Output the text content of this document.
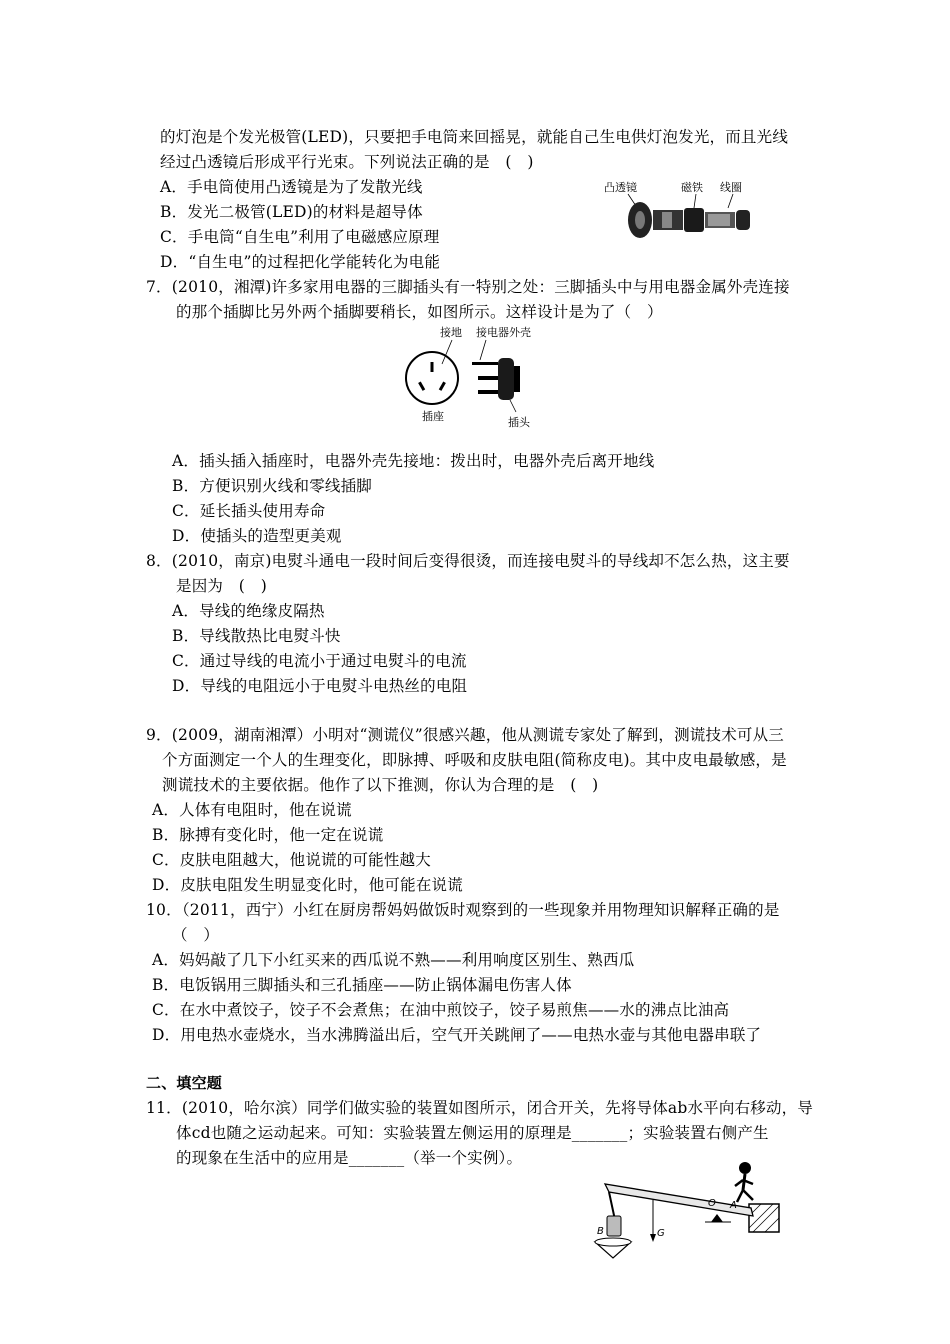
的灯泡是个发光极管(LED)，只要把手电筒来回摇晃，就能自己生电供灯泡发光，而且光线
经过凸透镜后形成平行光束。下列说法正确的是　(　)
A．手电筒使用凸透镜是为了发散光线
B．发光二极管(LED)的材料是超导体
C．手电筒“自生电”利用了电磁感应原理
D．“自生电”的过程把化学能转化为电能
凸透镜	磁铁 线圈
7．(2010，湘潭)许多家用电器的三脚插头有一特别之处：三脚插头中与用电器金属外壳连接
的那个插脚比另外两个插脚要稍长，如图所示。这样设计是为了（　）
接地 接电器外壳
插座	插头
A．插头插入插座时，电器外壳先接地：拨出时，电器外壳后离开地线
B．方便识别火线和零线插脚
C．延长插头使用寿命
D．使插头的造型更美观
8．(2010，南京)电熨斗通电一段时间后变得很烫，而连接电熨斗的导线却不怎么热，这主要
是因为　(　)
A．导线的绝缘皮隔热
B．导线散热比电熨斗快
C．通过导线的电流小于通过电熨斗的电流
D．导线的电阻远小于电熨斗电热丝的电阻
9．(2009，湖南湘潭）小明对“测谎仪”很感兴趣，他从测谎专家处了解到，测谎技术可从三
个方面测定一个人的生理变化，即脉搏、呼吸和皮肤电阻(简称皮电)。其中皮电最敏感，是
测谎技术的主要依据。他作了以下推测，你认为合理的是　(　)
A．人体有电阻时，他在说谎
B．脉搏有变化时，他一定在说谎
C．皮肤电阻越大，他说谎的可能性越大
D．皮肤电阻发生明显变化时，他可能在说谎
10．（2011，西宁）小红在厨房帮妈妈做饭时观察到的一些现象并用物理知识解释正确的是
（　）
A．妈妈敲了几下小红买来的西瓜说不熟——利用响度区别生、熟西瓜
B．电饭锅用三脚插头和三孔插座——防止锅体漏电伤害人体
C．在水中煮饺子，饺子不会煮焦；在油中煎饺子，饺子易煎焦——水的沸点比油高
D．用电热水壶烧水，当水沸腾溢出后，空气开关跳闸了——电热水壶与其他电器串联了
二、填空题
11．(2010，哈尔滨）同学们做实验的装置如图所示，闭合开关，先将导体ab水平向右移动，导
体cd也随之运动起来。可知：实验装置左侧运用的原理是_______；实验装置右侧产生
的现象在生活中的应用是_______（举一个实例）。
O A
B	G
